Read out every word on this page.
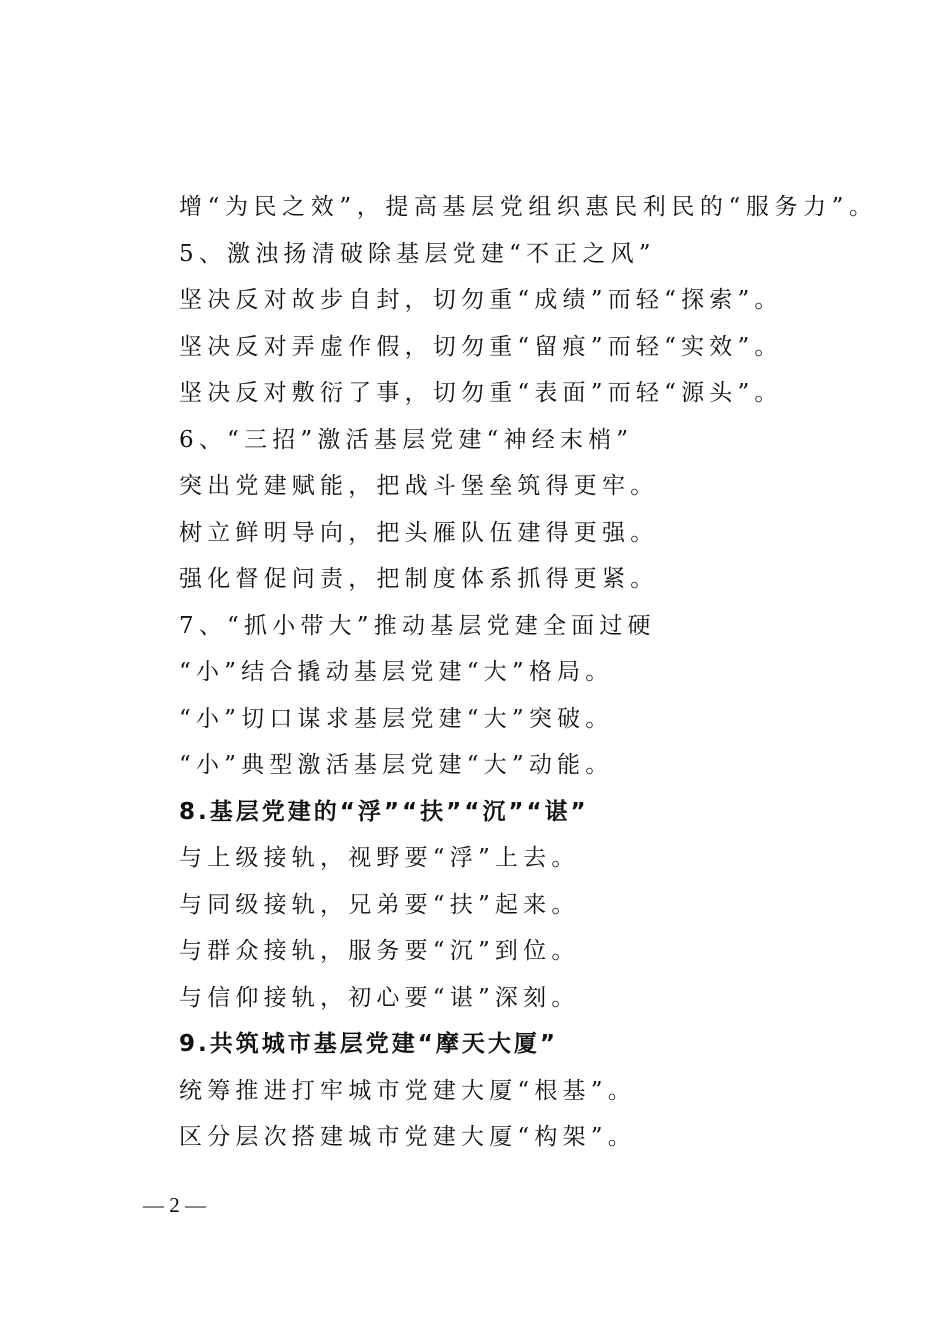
增“为民之效”，提高基层党组织惠民利民的“服务力”。
5、激浊扬清破除基层党建“不正之风”
坚决反对故步自封，切勿重“成绩”而轻“探索”。
坚决反对弄虚作假，切勿重“留痕”而轻“实效”。
坚决反对敷衍了事，切勿重“表面”而轻“源头”。
6、“三招”激活基层党建“神经末梢”
突出党建赋能，把战斗堡垒筑得更牢。
树立鲜明导向，把头雁队伍建得更强。
强化督促问责，把制度体系抓得更紧。
7、“抓小带大”推动基层党建全面过硬
“小”结合撬动基层党建“大”格局。
“小”切口谋求基层党建“大”突破。
“小”典型激活基层党建“大”动能。
8.基层党建的“浮”“扶”“沉”“谌”
与上级接轨，视野要“浮”上去。
与同级接轨，兄弟要“扶”起来。
与群众接轨，服务要“沉”到位。
与信仰接轨，初心要“谌”深刻。
9.共筑城市基层党建“摩天大厦”
统筹推进打牢城市党建大厦“根基”。
区分层次搭建城市党建大厦“构架”。
— 2 —
